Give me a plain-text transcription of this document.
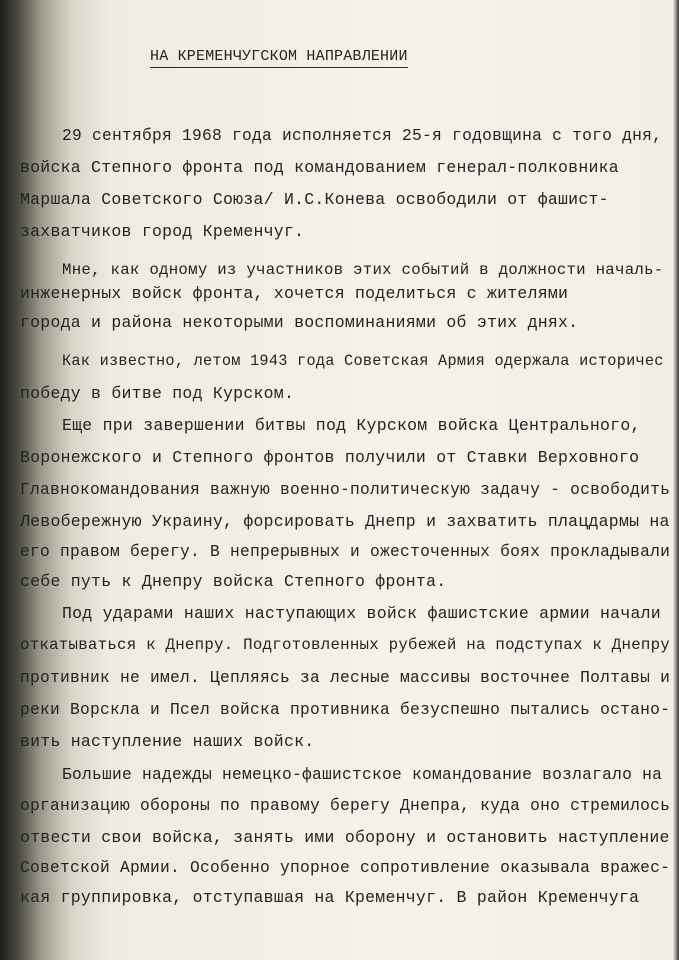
НА КРЕМЕНЧУГСКОМ НАПРАВЛЕНИИ
29 сентября 1968 года исполняется 25-я годовщина с того дня,
войска Степного фронта под командованием генерал-полковника
Маршала Советского Союза/ И.С.Конева освободили от фашист-
захватчиков город Кременчуг.
Мне, как одному из участников этих событий в должности началь-
инженерных войск фронта, хочется поделиться с жителями
города и района некоторыми воспоминаниями об этих днях.
Как известно, летом 1943 года Советская Армия одержала историчес
победу в битве под Курском.
Еще при завершении битвы под Курском войска Центрального,
Воронежского и Степного фронтов получили от Ставки Верховного
Главнокомандования важную военно-политическую задачу - освободить
Левобережную Украину, форсировать Днепр и захватить плацдармы на
его правом берегу. В непрерывных и ожесточенных боях прокладывали
себе путь к Днепру войска Степного фронта.
Под ударами наших наступающих войск фашистские армии начали
откатываться к Днепру. Подготовленных рубежей на подступах к Днепру
противник не имел. Цепляясь за лесные массивы восточнее Полтавы и
реки Ворскла и Псел войска противника безуспешно пытались остано-
вить наступление наших войск.
Большие надежды немецко-фашистское командование возлагало на
организацию обороны по правому берегу Днепра, куда оно стремилось
отвести свои войска, занять ими оборону и остановить наступление
Советской Армии. Особенно упорное сопротивление оказывала вражес-
кая группировка, отступавшая на Кременчуг. В район Кременчуга
